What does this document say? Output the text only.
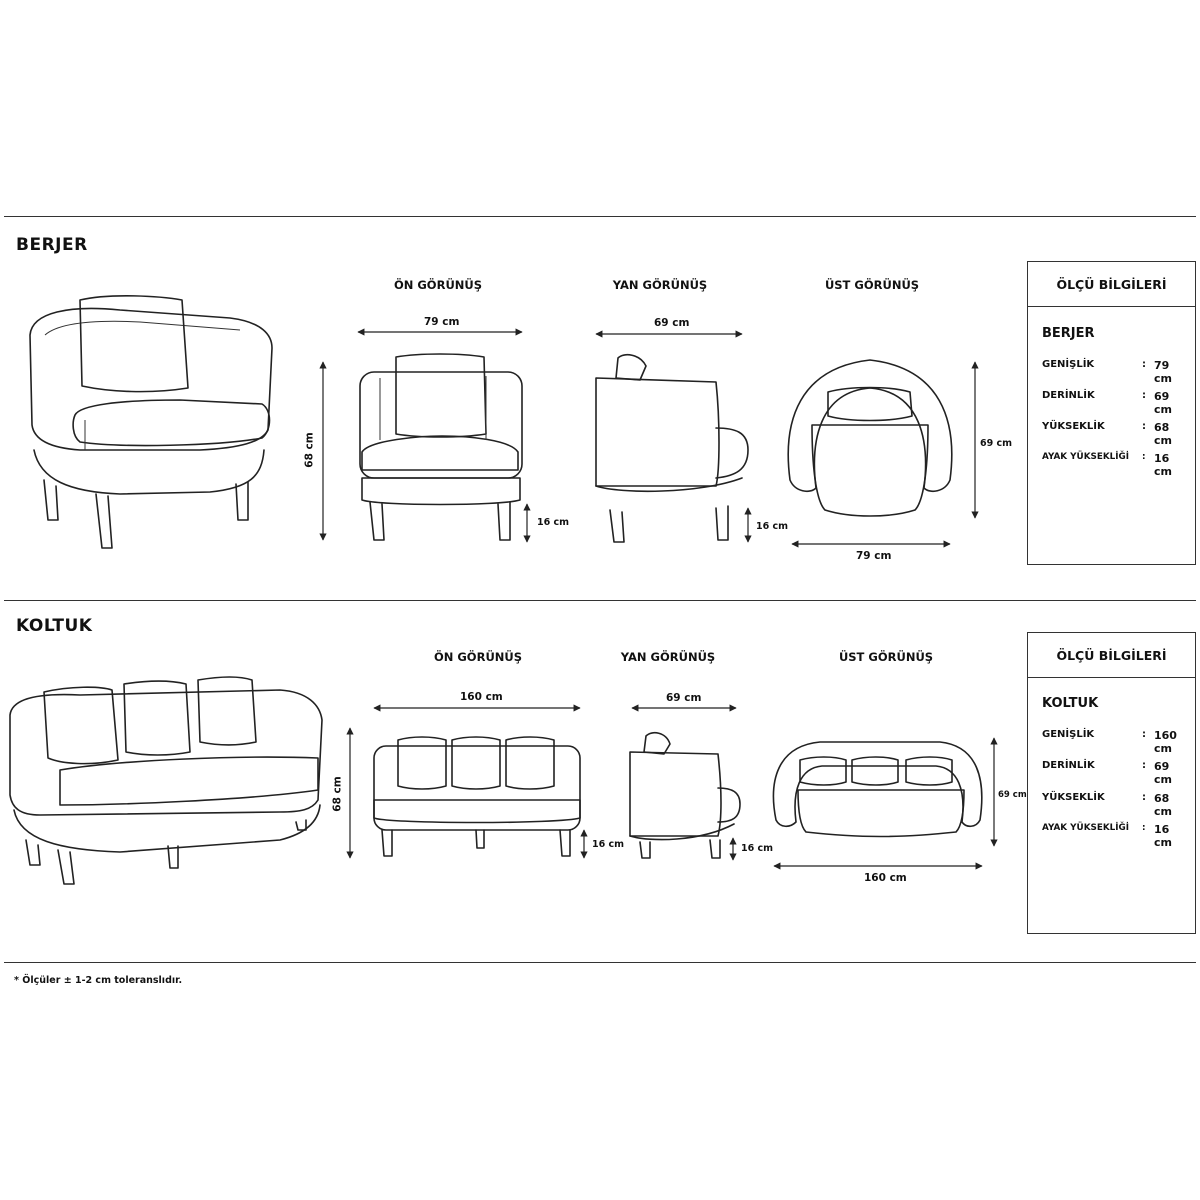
BERJER
ÖN GÖRÜNÜŞ	YAN GÖRÜNÜŞ	ÜST GÖRÜNÜŞ
79 cm	69 cm
68 cm
16 cm	16 cm
69 cm
79 cm
ÖLÇÜ BİLGİLERİ
BERJER
GENİŞLİK	: 79 cm
DERİNLİK	: 69 cm
YÜKSEKLİK	: 68 cm
AYAK YÜKSEKLİĞİ : 16 cm
KOLTUK
ÖN GÖRÜNÜŞ	YAN GÖRÜNÜŞ	ÜST GÖRÜNÜŞ
160 cm	69 cm
68 cm
16 cm	16 cm
69 cm
160 cm
ÖLÇÜ BİLGİLERİ
KOLTUK
GENİŞLİK	: 160 cm
DERİNLİK	: 69 cm
YÜKSEKLİK	: 68 cm
AYAK YÜKSEKLİĞİ : 16 cm
* Ölçüler ± 1-2 cm toleranslıdır.
